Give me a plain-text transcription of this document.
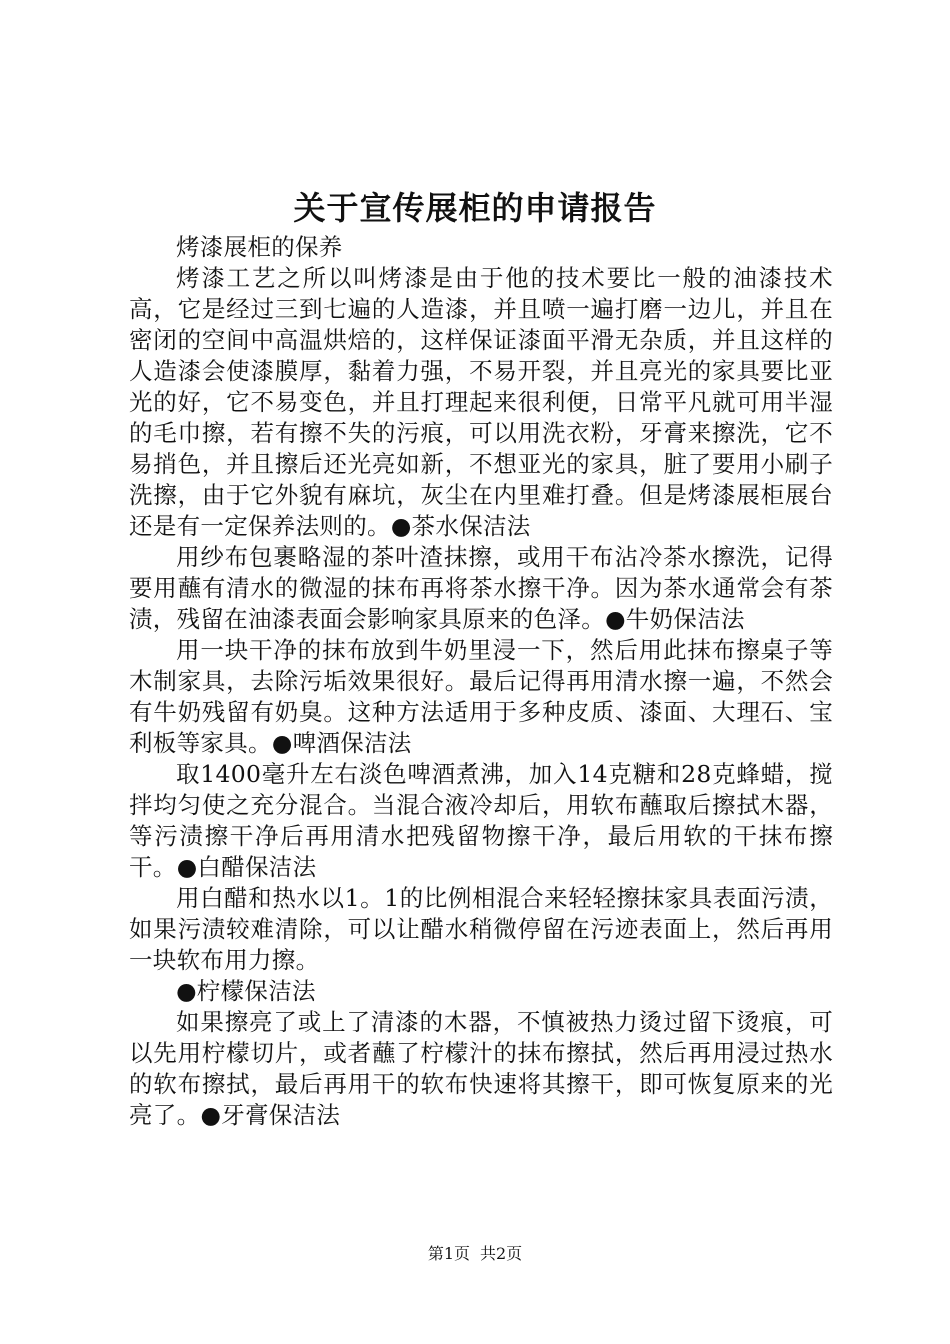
关于宣传展柜的申请报告

烤漆展柜的保养

烤漆工艺之所以叫烤漆是由于他的技术要比一般的油漆技术高，它是经过三到七遍的人造漆，并且喷一遍打磨一边儿，并且在密闭的空间中高温烘焙的，这样保证漆面平滑无杂质，并且这样的人造漆会使漆膜厚，黏着力强，不易开裂，并且亮光的家具要比亚光的好，它不易变色，并且打理起来很利便，日常平凡就可用半湿的毛巾擦，若有擦不失的污痕，可以用洗衣粉，牙膏来擦洗，它不易捎色，并且擦后还光亮如新，不想亚光的家具，脏了要用小刷子洗擦，由于它外貌有麻坑，灰尘在内里难打叠。但是烤漆展柜展台还是有一定保养法则的。●茶水保洁法

用纱布包裹略湿的茶叶渣抹擦，或用干布沾冷茶水擦洗，记得要用蘸有清水的微湿的抹布再将茶水擦干净。因为茶水通常会有茶渍，残留在油漆表面会影响家具原来的色泽。●牛奶保洁法

用一块干净的抹布放到牛奶里浸一下，然后用此抹布擦桌子等木制家具，去除污垢效果很好。最后记得再用清水擦一遍，不然会有牛奶残留有奶臭。这种方法适用于多种皮质、漆面、大理石、宝利板等家具。●啤酒保洁法

取1400毫升左右淡色啤酒煮沸，加入14克糖和28克蜂蜡，搅拌均匀使之充分混合。当混合液冷却后，用软布蘸取后擦拭木器，等污渍擦干净后再用清水把残留物擦干净，最后用软的干抹布擦干。●白醋保洁法

用白醋和热水以1。1的比例相混合来轻轻擦抹家具表面污渍，如果污渍较难清除，可以让醋水稍微停留在污迹表面上，然后再用一块软布用力擦。

●柠檬保洁法

如果擦亮了或上了清漆的木器，不慎被热力烫过留下烫痕，可以先用柠檬切片，或者蘸了柠檬汁的抹布擦拭，然后再用浸过热水的软布擦拭，最后再用干的软布快速将其擦干，即可恢复原来的光亮了。●牙膏保洁法

第1页 共2页
